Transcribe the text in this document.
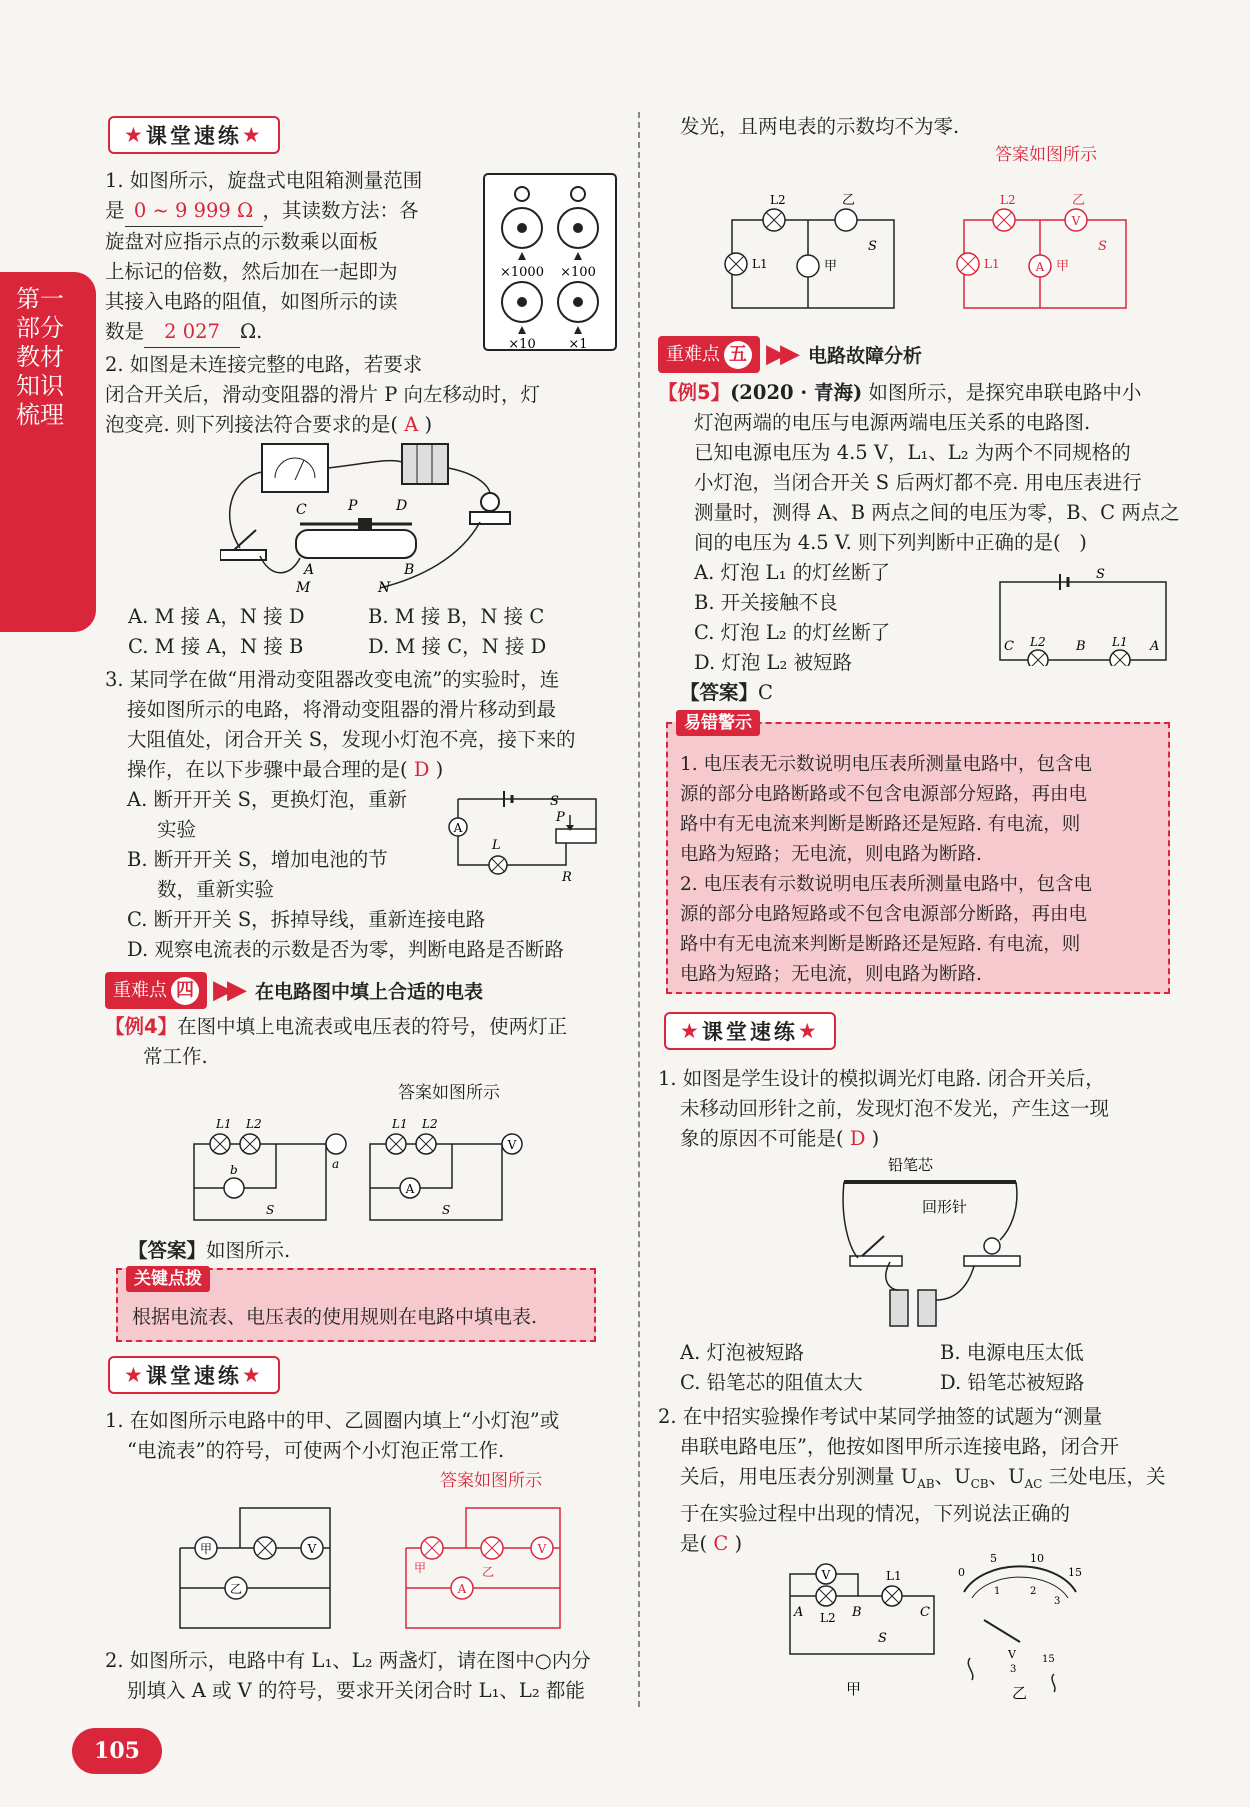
第一部分 教材知识梳理
★ 课堂速练 ★

1. 如图所示，旋盘式电阻箱测量范围

是 0 ~ 9 999 Ω ，其读数方法：各

旋盘对应指示点的示数乘以面板

上标记的倍数，然后加在一起即为

其接入电路的阻值，如图所示的读

数是 2 027 Ω.

×1000 ×100
×10	×1

2. 如图是未连接完整的电路，若要求

闭合开关后，滑动变阻器的滑片 P 向左移动时，灯

泡变亮. 则下列接法符合要求的是( A )

C	P	D
A	B
M	N

A. M 接 A，N 接 D	B. M 接 B，N 接 C

C. M 接 A，N 接 B	D. M 接 C，N 接 D

3. 某同学在做“用滑动变阻器改变电流”的实验时，连

接如图所示的电路，将滑动变阻器的滑片移动到最

大阻值处，闭合开关 S，发现小灯泡不亮，接下来的

操作，在以下步骤中最合理的是( D )

A. 断开开关 S，更换灯泡，重新

实验

B. 断开开关 S，增加电池的节

数，重新实验

C. 断开开关 S，拆掉导线，重新连接电路

D. 观察电流表的示数是否为零，判断电路是否断路

A
S
L
P
R
重难点 四 ▶▶ 在电路图中填上合适的电表

【例4】在图中填上电流表或电压表的符号，使两灯正

常工作.

答案如图所示
L1 L2
a
b
S
L1 L2
V
A
S

【答案】如图所示.

关键点拨
根据电流表、电压表的使用规则在电路中填电表.
★ 课堂速练 ★

1. 在如图所示电路中的甲、乙圆圈内填上“小灯泡”或

“电流表”的符号，可使两个小灯泡正常工作.

答案如图所示
甲
乙
V	V
A
甲	乙

2. 如图所示，电路中有 L₁、L₂ 两盏灯，请在图中○内分

别填入 A 或 V 的符号，要求开关闭合时 L₁、L₂ 都能

105

发光，且两电表的示数均不为零.

答案如图所示
L2	乙
L1	甲
S
V
A
L2	乙
L1	甲
S
重难点 五 ▶▶ 电路故障分析

【例5】(2020 · 青海) 如图所示，是探究串联电路中小

灯泡两端的电压与电源两端电压关系的电路图.

已知电源电压为 4.5 V，L₁、L₂ 为两个不同规格的

小灯泡，当闭合开关 S 后两灯都不亮. 用电压表进行

测量时，测得 A、B 两点之间的电压为零，B、C 两点之

间的电压为 4.5 V. 则下列判断中正确的是( )

A. 灯泡 L₁ 的灯丝断了

B. 开关接触不良

C. 灯泡 L₂ 的灯丝断了

D. 灯泡 L₂ 被短路

【答案】C

S
C L2 B L1 A
易错警示

1. 电压表无示数说明电压表所测量电路中，包含电

源的部分电路断路或不包含电源部分短路，再由电

路中有无电流来判断是断路还是短路. 有电流，则

电路为短路；无电流，则电路为断路.

2. 电压表有示数说明电压表所测量电路中，包含电

源的部分电路短路或不包含电源部分断路，再由电

路中有无电流来判断是断路还是短路. 有电流，则

电路为短路；无电流，则电路为断路.

★ 课堂速练 ★

1. 如图是学生设计的模拟调光灯电路. 闭合开关后，

未移动回形针之前，发现灯泡不发光，产生这一现

象的原因不可能是( D )

铅笔芯
回形针

A. 灯泡被短路	B. 电源电压太低

C. 铅笔芯的阻值太大	D. 铅笔芯被短路

2. 在中招实验操作考试中某同学抽签的试题为“测量

串联电路电压”，他按如图甲所示连接电路，闭合开

关后，用电压表分别测量 $U_{AB}$、$U_{CB}$、$U_{AC}$ 三处电压，关

于在实验过程中出现的情况，下列说法正确的

是( C )

V	L1
A	B	C
L2
S
甲
0
5	10
15
1	2
3
V
3
15
乙
